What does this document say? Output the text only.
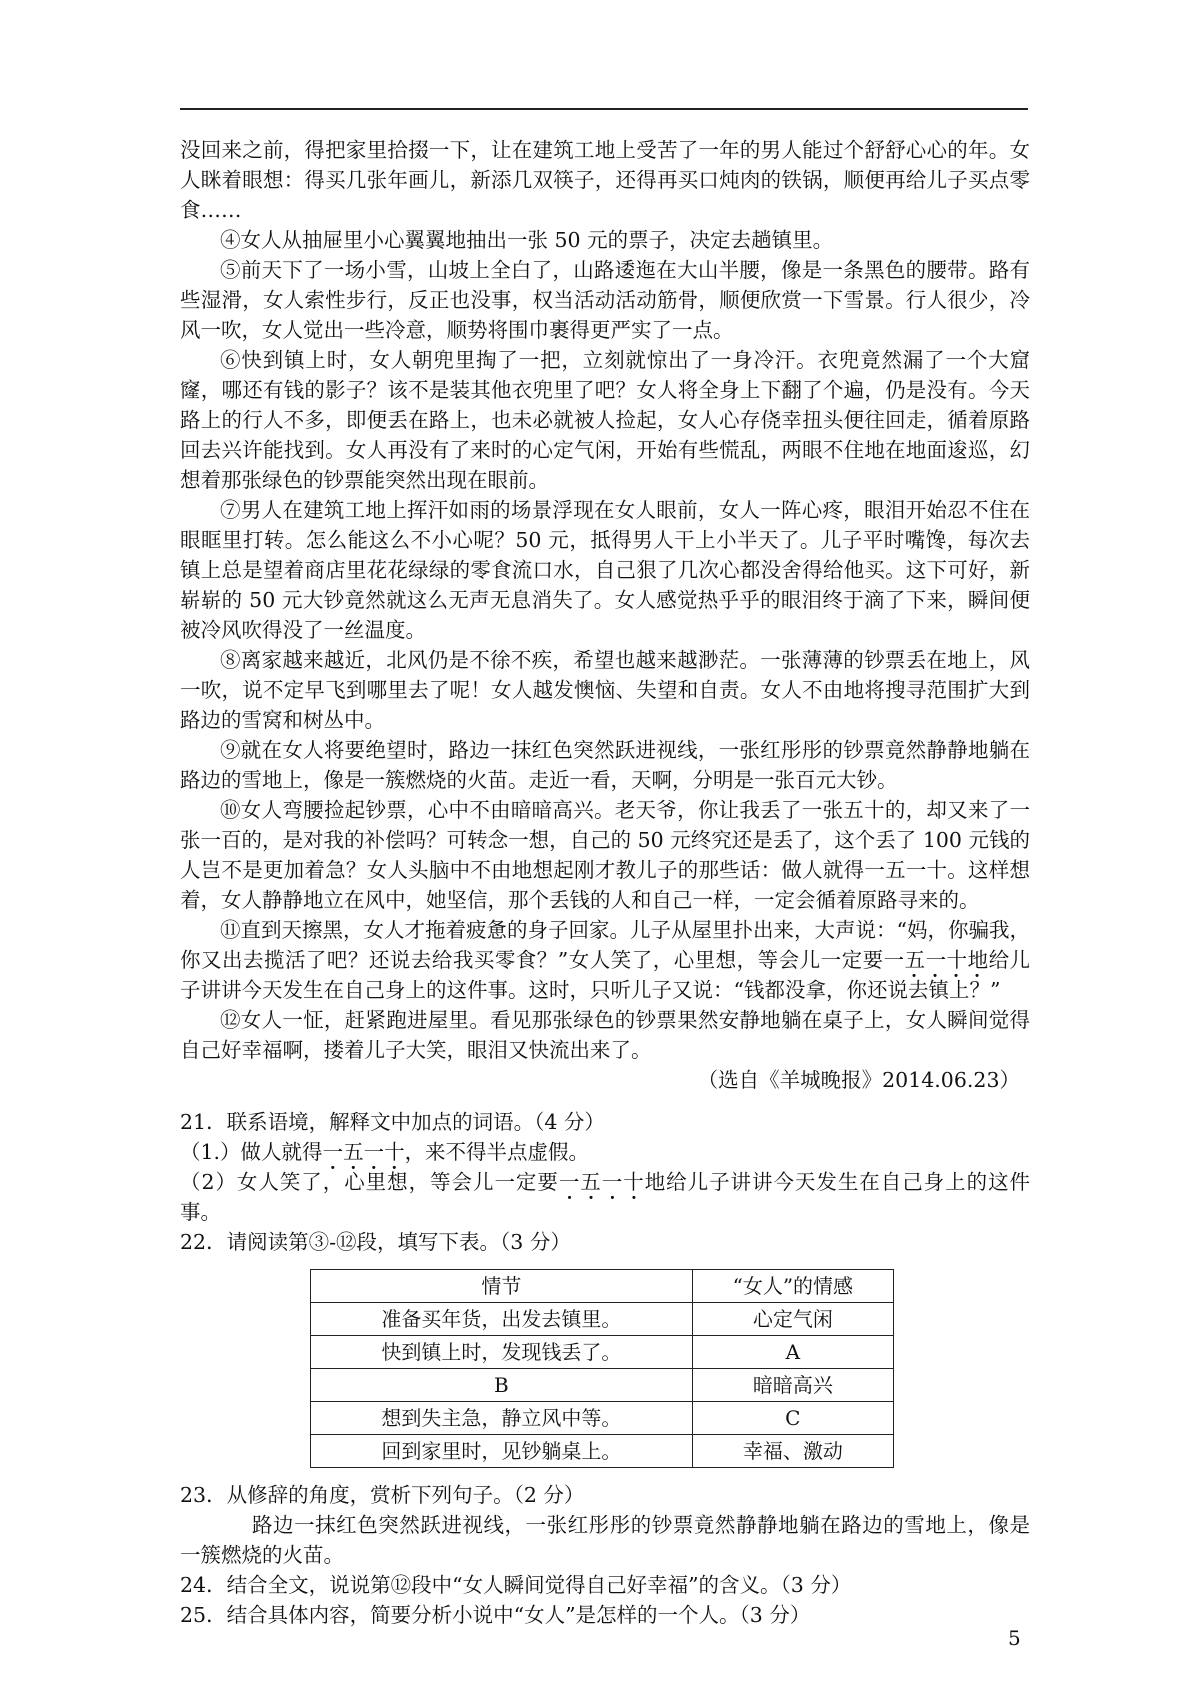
没回来之前，得把家里拾掇一下，让在建筑工地上受苦了一年的男人能过个舒舒心心的年。女人眯着眼想：得买几张年画儿，新添几双筷子，还得再买口炖肉的铁锅，顺便再给儿子买点零食……

④女人从抽屉里小心翼翼地抽出一张 50 元的票子，决定去趟镇里。

⑤前天下了一场小雪，山坡上全白了，山路逶迤在大山半腰，像是一条黑色的腰带。路有些湿滑，女人索性步行，反正也没事，权当活动活动筋骨，顺便欣赏一下雪景。行人很少，冷风一吹，女人觉出一些冷意，顺势将围巾裹得更严实了一点。

⑥快到镇上时，女人朝兜里掏了一把，立刻就惊出了一身冷汗。衣兜竟然漏了一个大窟窿，哪还有钱的影子？该不是装其他衣兜里了吧？女人将全身上下翻了个遍，仍是没有。今天路上的行人不多，即便丢在路上，也未必就被人捡起，女人心存侥幸扭头便往回走，循着原路回去兴许能找到。女人再没有了来时的心定气闲，开始有些慌乱，两眼不住地在地面逡巡，幻想着那张绿色的钞票能突然出现在眼前。

⑦男人在建筑工地上挥汗如雨的场景浮现在女人眼前，女人一阵心疼，眼泪开始忍不住在眼眶里打转。怎么能这么不小心呢？50 元，抵得男人干上小半天了。儿子平时嘴馋，每次去镇上总是望着商店里花花绿绿的零食流口水，自己狠了几次心都没舍得给他买。这下可好，新崭崭的 50 元大钞竟然就这么无声无息消失了。女人感觉热乎乎的眼泪终于滴了下来，瞬间便被冷风吹得没了一丝温度。

⑧离家越来越近，北风仍是不徐不疾，希望也越来越渺茫。一张薄薄的钞票丢在地上，风一吹，说不定早飞到哪里去了呢！女人越发懊恼、失望和自责。女人不由地将搜寻范围扩大到路边的雪窝和树丛中。

⑨就在女人将要绝望时，路边一抹红色突然跃进视线，一张红彤彤的钞票竟然静静地躺在路边的雪地上，像是一簇燃烧的火苗。走近一看，天啊，分明是一张百元大钞。

⑩女人弯腰捡起钞票，心中不由暗暗高兴。老天爷，你让我丢了一张五十的，却又来了一张一百的，是对我的补偿吗？可转念一想，自己的 50 元终究还是丢了，这个丢了 100 元钱的人岂不是更加着急？女人头脑中不由地想起刚才教儿子的那些话：做人就得一五一十。这样想着，女人静静地立在风中，她坚信，那个丢钱的人和自己一样，一定会循着原路寻来的。

⑪直到天擦黑，女人才拖着疲惫的身子回家。儿子从屋里扑出来，大声说：“妈，你骗我，你又出去揽活了吧？还说去给我买零食？”女人笑了，心里想，等会儿一定要一五一十地给儿子讲讲今天发生在自己身上的这件事。这时，只听儿子又说：“钱都没拿，你还说去镇上？”

⑫女人一怔，赶紧跑进屋里。看见那张绿色的钞票果然安静地躺在桌子上，女人瞬间觉得自己好幸福啊，搂着儿子大笑，眼泪又快流出来了。

（选自《羊城晚报》2014.06.23）

21．联系语境，解释文中加点的词语。（4 分）

（1.）做人就得一五一十，来不得半点虚假。

（2）女人笑了，心里想，等会儿一定要一五一十地给儿子讲讲今天发生在自己身上的这件事。

22．请阅读第③-⑫段，填写下表。（3 分）

情节	“女人”的情感
准备买年货，出发去镇里。	心定气闲
快到镇上时，发现钱丢了。	A
B	暗暗高兴
想到失主急，静立风中等。	C
回到家里时，见钞躺桌上。	幸福、激动

23．从修辞的角度，赏析下列句子。（2 分）

路边一抹红色突然跃进视线，一张红彤彤的钞票竟然静静地躺在路边的雪地上，像是一簇燃烧的火苗。

24．结合全文，说说第⑫段中“女人瞬间觉得自己好幸福”的含义。（3 分）

25．结合具体内容，简要分析小说中“女人”是怎样的一个人。（3 分）

5
